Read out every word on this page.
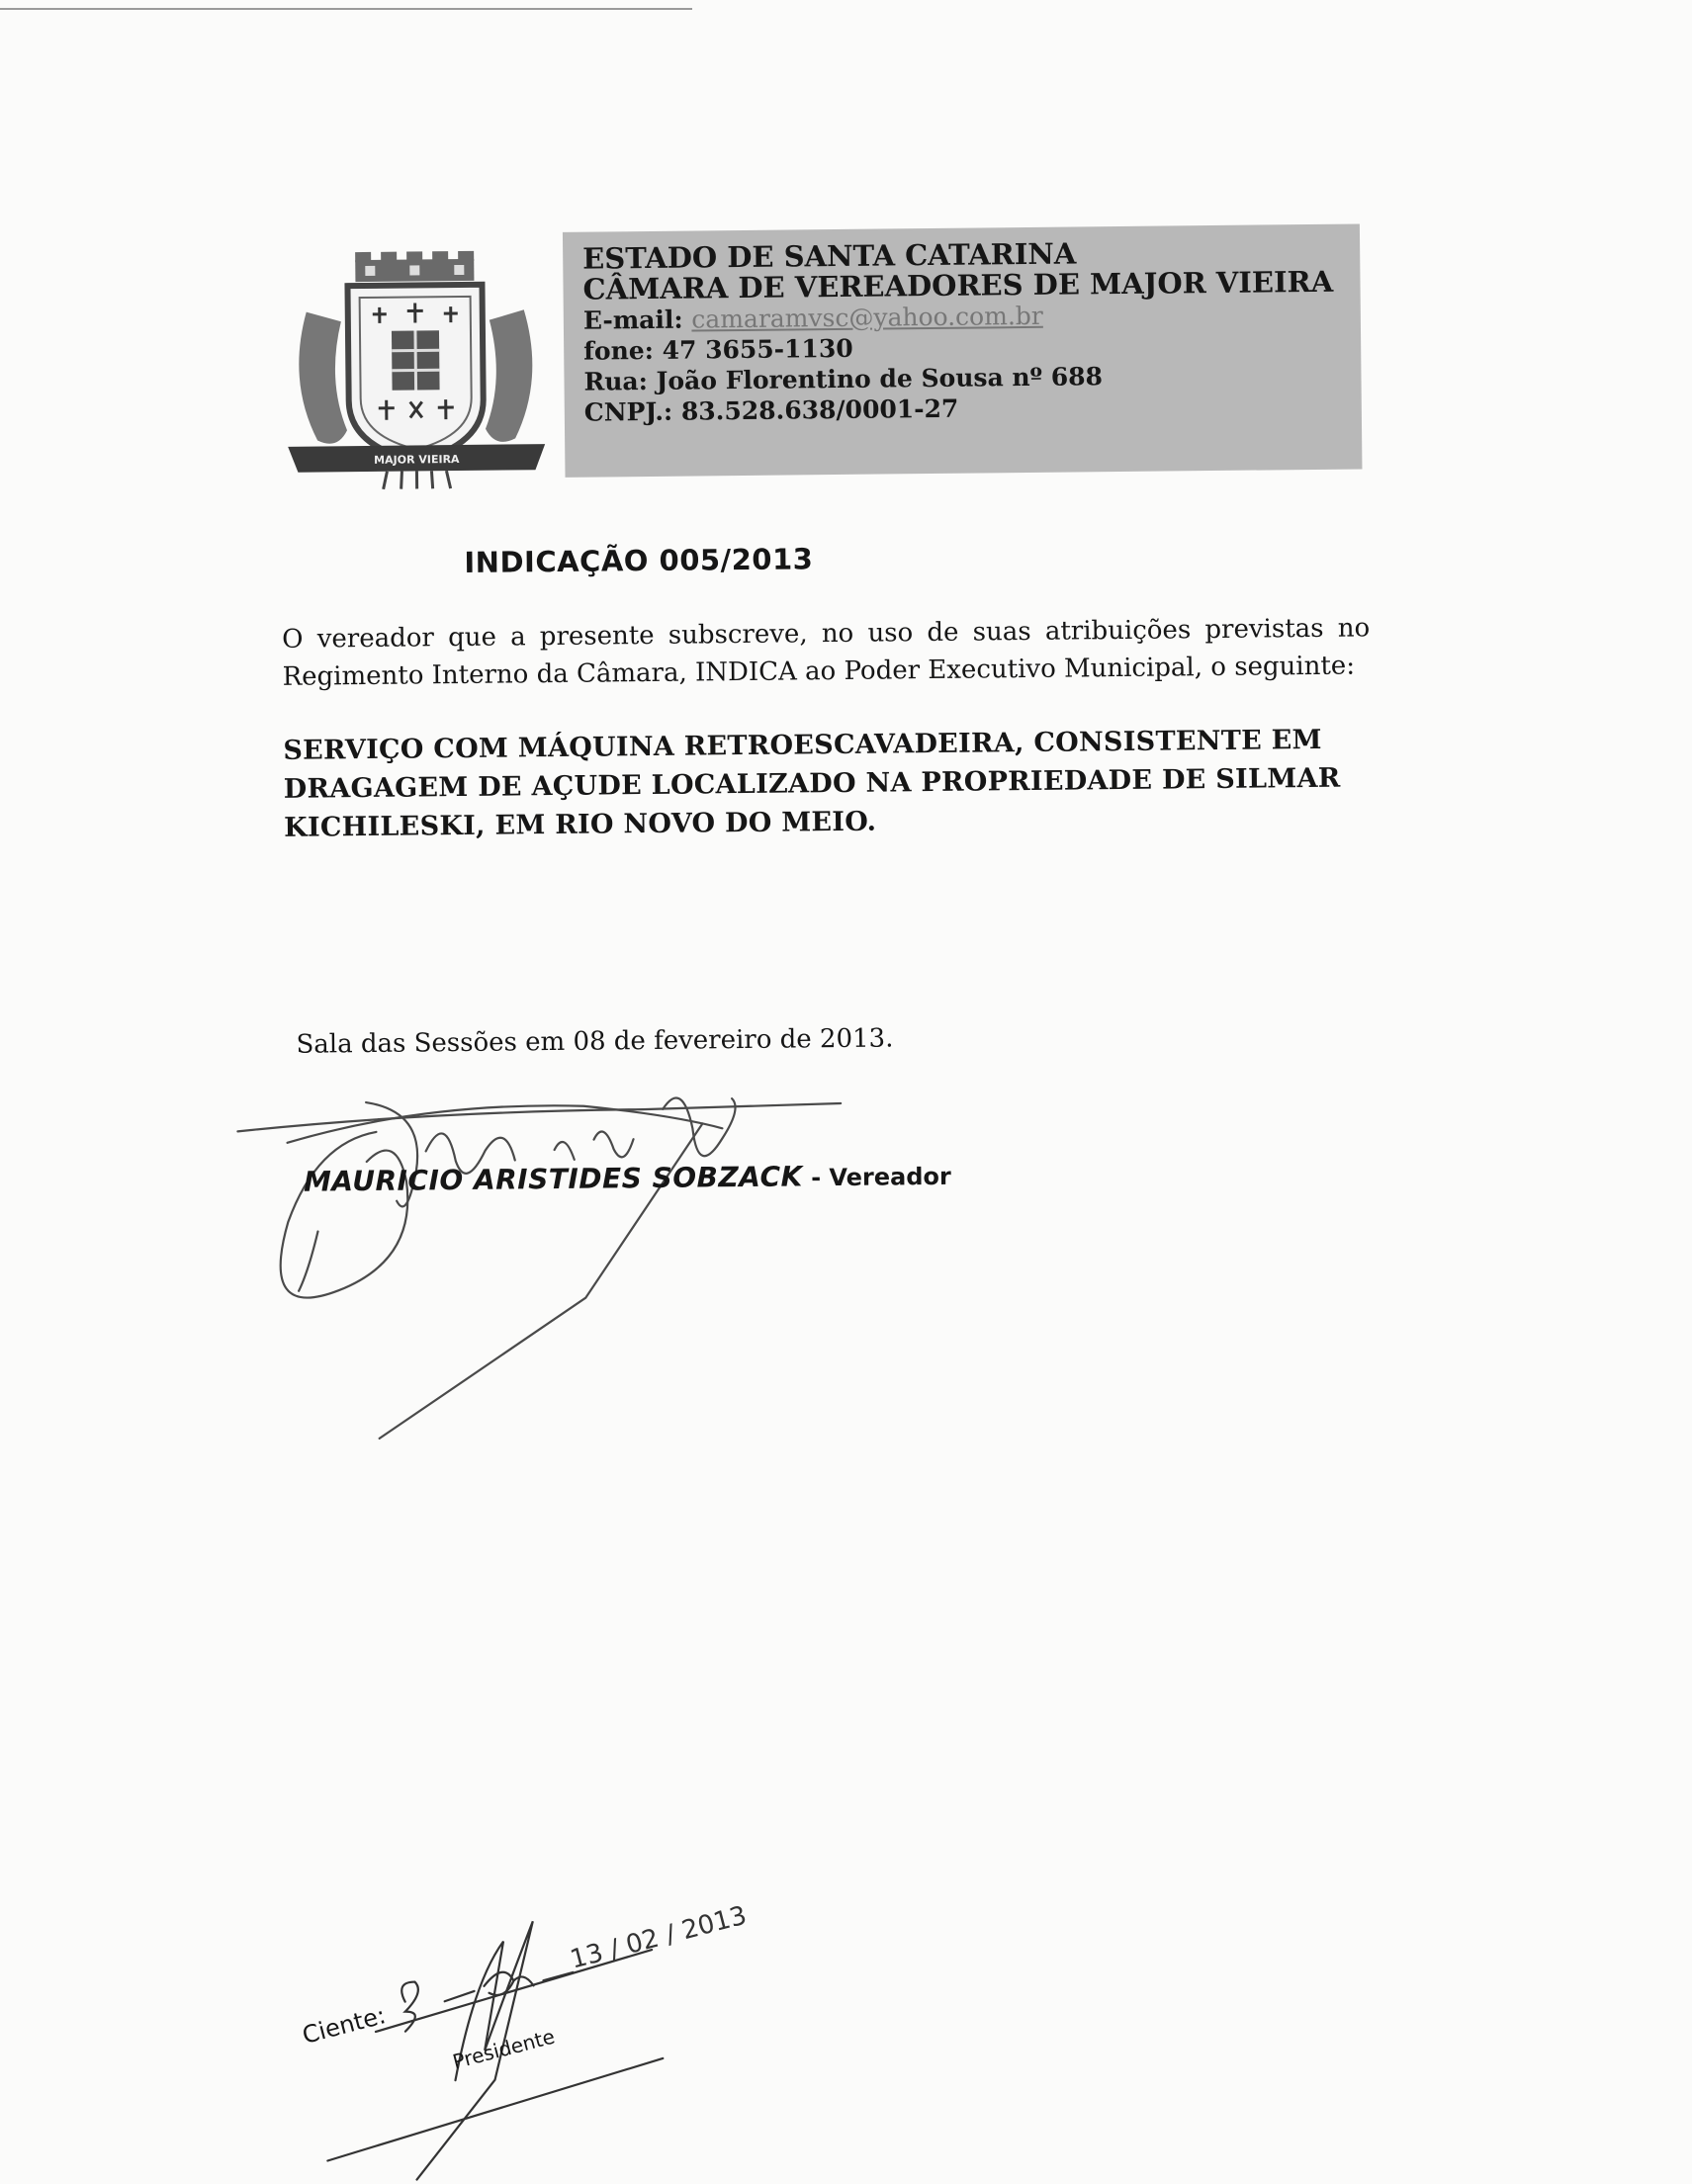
MAJOR VIEIRA
ESTADO DE SANTA CATARINA
CÂMARA DE VEREADORES DE MAJOR VIEIRA
E-mail: camaramvsc@yahoo.com.br
fone: 47 3655-1130
Rua: João Florentino de Sousa nº 688
CNPJ.: 83.528.638/0001-27
INDICAÇÃO 005/2013
O vereador que a presente subscreve, no uso de suas atribuições previstas no
Regimento Interno da Câmara, INDICA ao Poder Executivo Municipal, o seguinte:
SERVIÇO COM MÁQUINA RETROESCAVADEIRA, CONSISTENTE EM DRAGAGEM DE AÇUDE LOCALIZADO NA PROPRIEDADE DE SILMAR KICHILESKI, EM RIO NOVO DO MEIO.
Sala das Sessões em 08 de fevereiro de 2013.
MAURICIO ARISTIDES SOBZACK - Vereador
13 / 02 / 2013
Ciente:	Presidente
